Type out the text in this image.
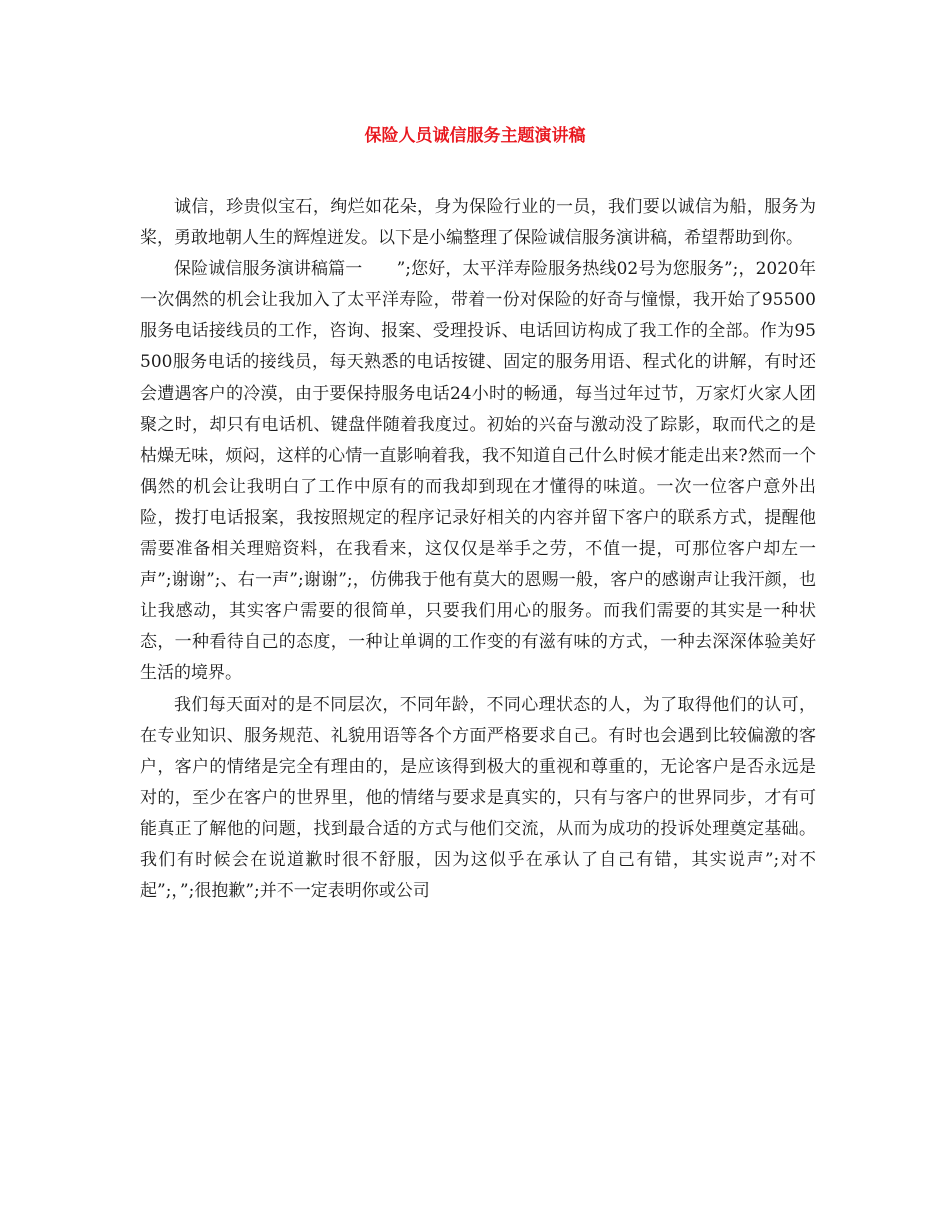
保险人员诚信服务主题演讲稿

诚信，珍贵似宝石，绚烂如花朵，身为保险行业的一员，我们要以诚信为船，服务为桨，勇敢地朝人生的辉煌迸发。以下是小编整理了保险诚信服务演讲稿，希望帮助到你。

保险诚信服务演讲稿篇一　　”;您好，太平洋寿险服务热线02号为您服务”;，2020年一次偶然的机会让我加入了太平洋寿险，带着一份对保险的好奇与憧憬，我开始了95500服务电话接线员的工作，咨询、报案、受理投诉、电话回访构成了我工作的全部。作为95500服务电话的接线员，每天熟悉的电话按键、固定的服务用语、程式化的讲解，有时还会遭遇客户的冷漠，由于要保持服务电话24小时的畅通，每当过年过节，万家灯火家人团聚之时，却只有电话机、键盘伴随着我度过。初始的兴奋与激动没了踪影，取而代之的是枯燥无味，烦闷，这样的心情一直影响着我，我不知道自己什么时候才能走出来?然而一个偶然的机会让我明白了工作中原有的而我却到现在才懂得的味道。一次一位客户意外出险，拨打电话报案，我按照规定的程序记录好相关的内容并留下客户的联系方式，提醒他需要准备相关理赔资料，在我看来，这仅仅是举手之劳，不值一提，可那位客户却左一声”;谢谢”;、右一声”;谢谢”;，仿佛我于他有莫大的恩赐一般，客户的感谢声让我汗颜，也让我感动，其实客户需要的很简单，只要我们用心的服务。而我们需要的其实是一种状态，一种看待自己的态度，一种让单调的工作变的有滋有味的方式，一种去深深体验美好生活的境界。

我们每天面对的是不同层次，不同年龄，不同心理状态的人，为了取得他们的认可，在专业知识、服务规范、礼貌用语等各个方面严格要求自己。有时也会遇到比较偏激的客户，客户的情绪是完全有理由的，是应该得到极大的重视和尊重的，无论客户是否永远是对的，至少在客户的世界里，他的情绪与要求是真实的，只有与客户的世界同步，才有可能真正了解他的问题，找到最合适的方式与他们交流，从而为成功的投诉处理奠定基础。我们有时候会在说道歉时很不舒服，因为这似乎在承认了自己有错，其实说声”;对不起”;，”;很抱歉”;并不一定表明你或公司
